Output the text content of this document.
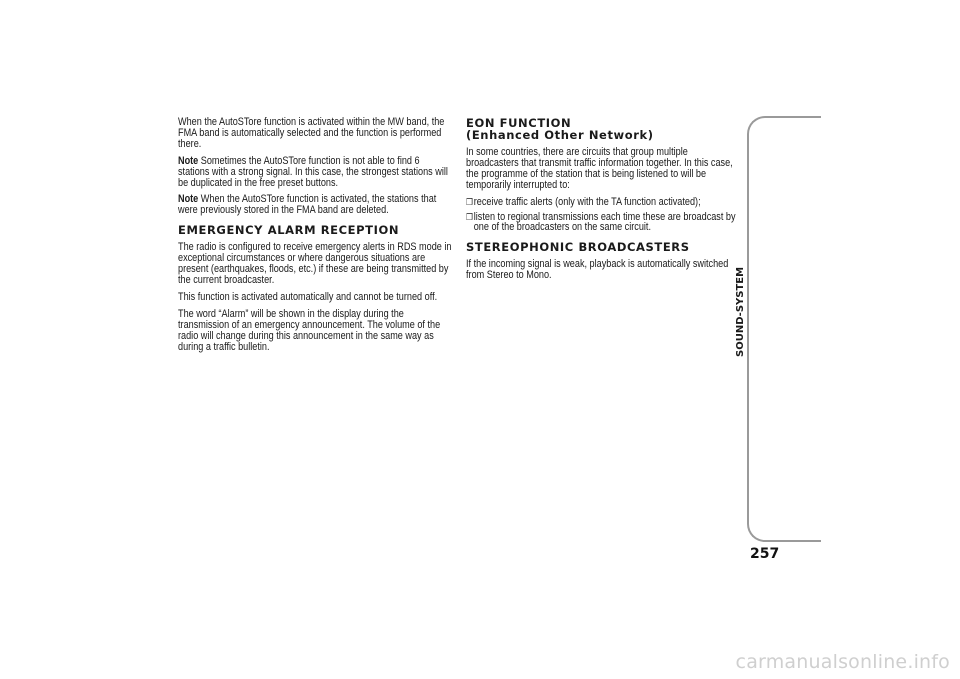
When the AutoSTore function is activated within the MW band, the FMA band is automatically selected and the function is performed there.

Note Sometimes the AutoSTore function is not able to find 6 stations with a strong signal. In this case, the strongest stations will be duplicated in the free preset buttons.

Note When the AutoSTore function is activated, the stations that were previously stored in the FMA band are deleted.

EMERGENCY ALARM RECEPTION

The radio is configured to receive emergency alerts in RDS mode in exceptional circumstances or where dangerous situations are present (earthquakes, floods, etc.) if these are being transmitted by the current broadcaster.

This function is activated automatically and cannot be turned off.

The word “Alarm” will be shown in the display during the transmission of an emergency announcement. The volume of the radio will change during this announcement in the same way as during a traffic bulletin.

EON FUNCTION
(Enhanced Other Network)

In some countries, there are circuits that group multiple broadcasters that transmit traffic information together. In this case, the programme of the station that is being listened to will be temporarily interrupted to:

❒ receive traffic alerts (only with the TA function activated);
❒ listen to regional transmissions each time these are broadcast by one of the broadcasters on the same circuit.
STEREOPHONIC BROADCASTERS

If the incoming signal is weak, playback is automatically switched from Stereo to Mono.	SOUND-SYSTEM
257
carmanualsonline.info
